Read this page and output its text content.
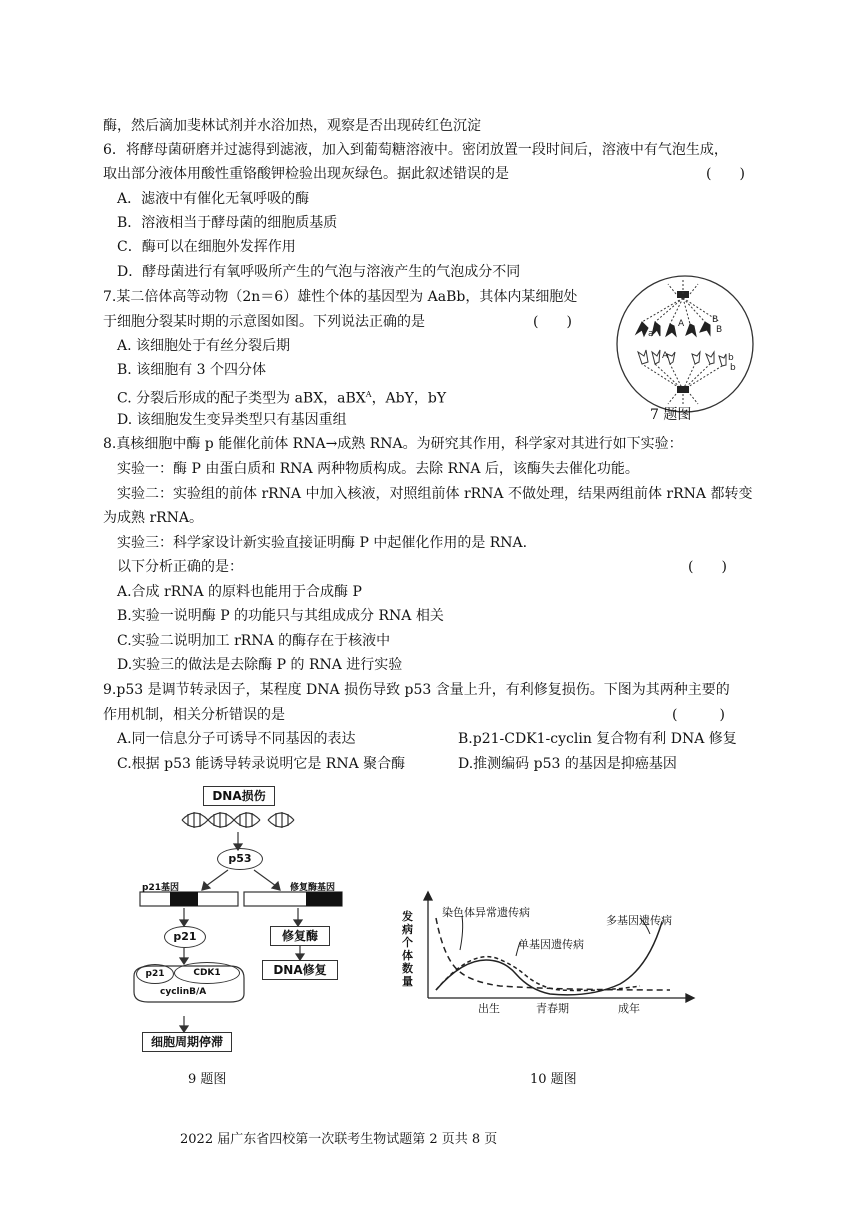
酶，然后滴加斐林试剂并水浴加热，观察是否出现砖红色沉淀
6．将酵母菌研磨并过滤得到滤液，加入到葡萄糖溶液中。密闭放置一段时间后，溶液中有气泡生成，
取出部分液体用酸性重铬酸钾检验出现灰绿色。据此叙述错误的是	(　　)
A．滤液中有催化无氧呼吸的酶
B．溶液相当于酵母菌的细胞质基质
C．酶可以在细胞外发挥作用
D．酵母菌进行有氧呼吸所产生的气泡与溶液产生的气泡成分不同
7.某二倍体高等动物（2n＝6）雄性个体的基因型为 AaBb，其体内某细胞处
于细胞分裂某时期的示意图如图。下列说法正确的是	(　　)
A. 该细胞处于有丝分裂后期
B. 该细胞有 3 个四分体
C. 分裂后形成的配子类型为 aBX，aBX$^A$，AbY，bY
D. 该细胞发生变异类型只有基因重组
a
A	B
B
A	b
b
7 题图
8.真核细胞中酶 p 能催化前体 RNA→成熟 RNA。为研究其作用，科学家对其进行如下实验：
实验一：酶 P 由蛋白质和 RNA 两种物质构成。去除 RNA 后，该酶失去催化功能。
实验二：实验组的前体 rRNA 中加入核液，对照组前体 rRNA 不做处理，结果两组前体 rRNA 都转变
为成熟 rRNA。
实验三：科学家设计新实验直接证明酶 P 中起催化作用的是 RNA.
以下分析正确的是：	(　　)
A.合成 rRNA 的原料也能用于合成酶 P
B.实验一说明酶 P 的功能只与其组成成分 RNA 相关
C.实验二说明加工 rRNA 的酶存在于核液中
D.实验三的做法是去除酶 P 的 RNA 进行实验
9.p53 是调节转录因子，某程度 DNA 损伤导致 p53 含量上升，有利修复损伤。下图为其两种主要的
作用机制，相关分析错误的是	(　　　)
A.同一信息分子可诱导不同基因的表达	B.p21-CDK1-cyclin 复合物有利 DNA 修复
C.根据 p53 能诱导转录说明它是 RNA 聚合酶	D.推测编码 p53 的基因是抑癌基因
DNA损伤
p53
p21基因	修复酶基因
p21	修复酶
p21	CDK1
cyclinB/A
DNA修复
细胞周期停滞
发病个体数量
染色体异常遗传病
单基因遗传病
多基因遗传病
出生	青春期	成年
9 题图	10 题图
2022 届广东省四校第一次联考生物试题第 2 页共 8 页
